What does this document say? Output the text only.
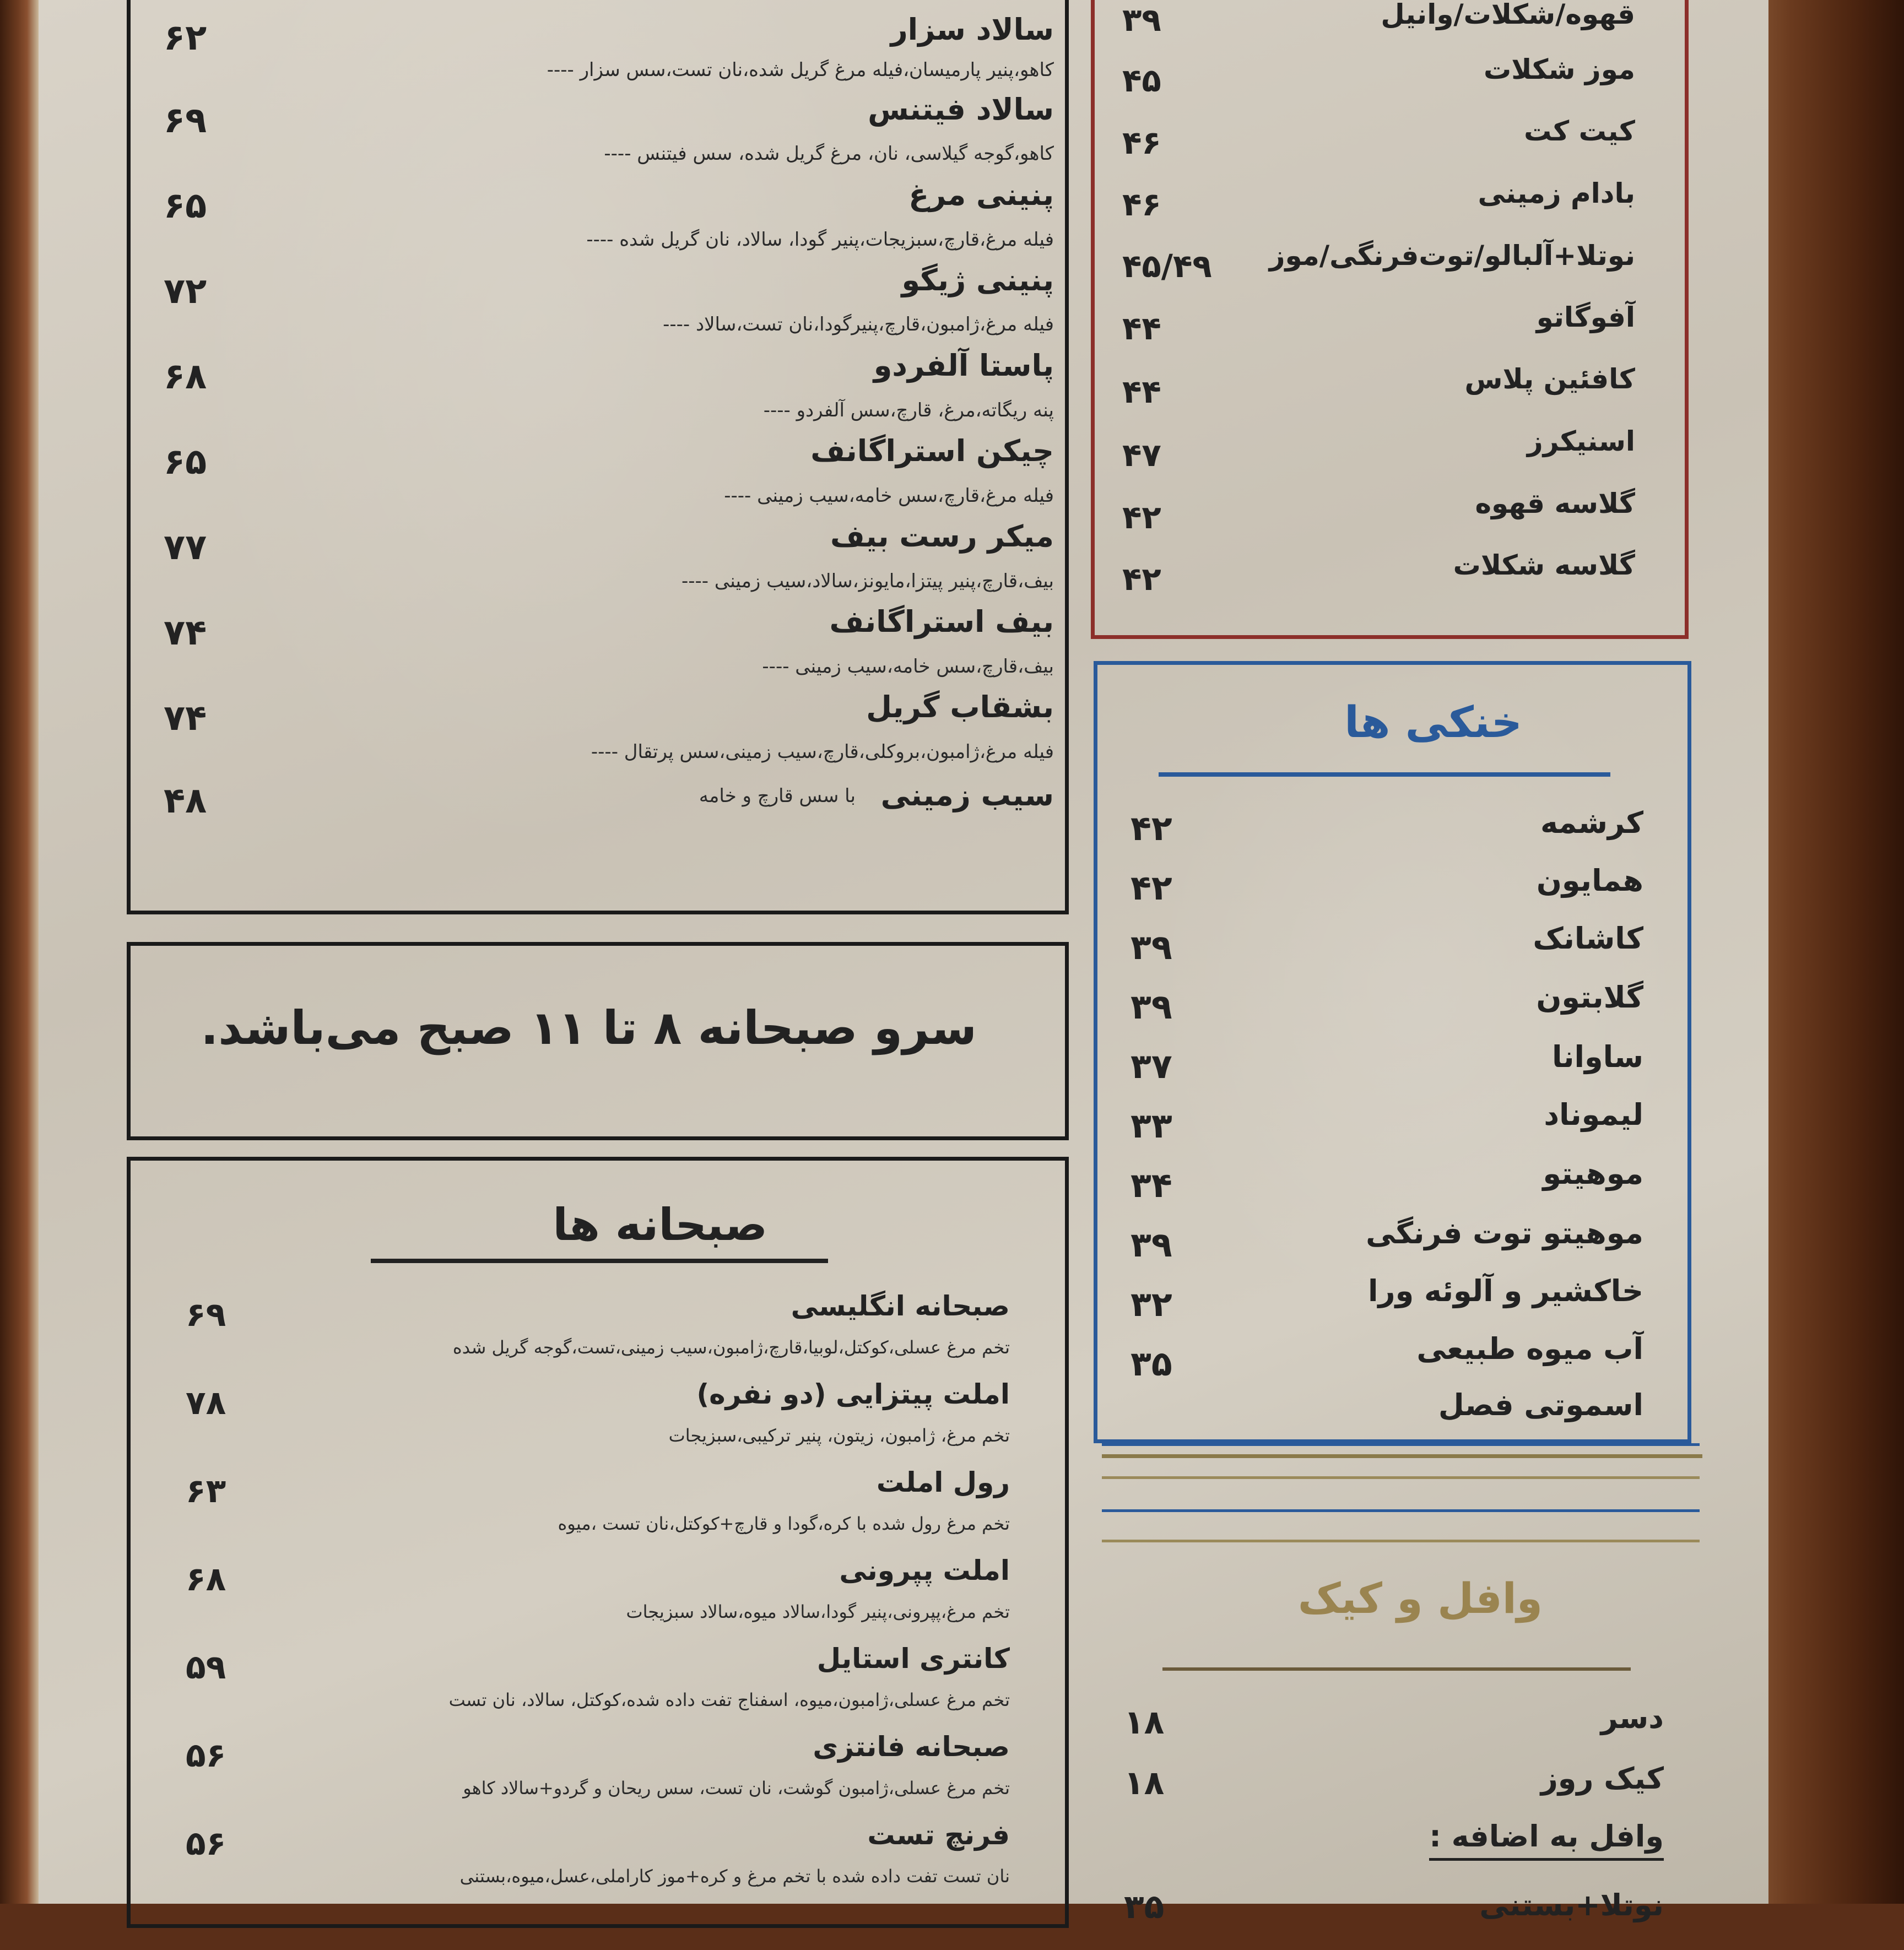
سالاد سزار
کاهو،پنیر پارمیسان،فیله مرغ گریل شده،نان تست،سس سزار ----
۶۲
سالاد فیتنس
کاهو،گوجه گیلاسی، نان، مرغ گریل شده، سس فیتنس ----
۶۹
پنینی مرغ
فیله مرغ،قارچ،سبزیجات،پنیر گودا، سالاد، نان گریل شده ----
۶۵
پنینی ژیگو
فیله مرغ،ژامبون،قارچ،پنیرگودا،نان تست،سالاد ----
۷۲
پاستا آلفردو
پنه ریگاته،مرغ، قارچ،سس آلفردو ----
۶۸
چیکن استراگانف
فیله مرغ،قارچ،سس خامه،سیب زمینی ----
۶۵
میکر رست بیف
بیف،قارچ،پنیر پیتزا،مایونز،سالاد،سیب زمینی ----
۷۷
بیف استراگانف
بیف،قارچ،سس خامه،سیب زمینی ----
۷۴
بشقاب گریل
فیله مرغ،ژامبون،بروکلی،قارچ،سیب زمینی،سس پرتقال ----
۷۴
سیب زمینی
با سس قارچ و خامه
۴۸
سرو صبحانه ۸ تا ۱۱ صبح می‌باشد.
صبحانه ها
صبحانه انگلیسی
تخم مرغ عسلی،کوکتل،لوبیا،قارچ،ژامبون،سیب زمینی،تست،گوجه گریل شده
۶۹
املت پیتزایی (دو نفره)
تخم مرغ، ژامبون، زیتون، پنیر ترکیبی،سبزیجات
۷۸
رول املت
تخم مرغ رول شده با کره،گودا و قارچ+کوکتل،نان تست ،میوه
۶۳
املت پپرونی
تخم مرغ،پپرونی،پنیر گودا،سالاد میوه،سالاد سبزیجات
۶۸
کانتری استایل
تخم مرغ عسلی،ژامبون،میوه، اسفناج تفت داده شده،کوکتل، سالاد، نان تست
۵۹
صبحانه فانتزی
تخم مرغ عسلی،ژامبون گوشت، نان تست، سس ریحان و گردو+سالاد کاهو
۵۶
فرنچ تست
نان تست تفت داده شده با تخم مرغ و کره+موز کاراملی،عسل،میوه،بستنی
۵۶
قهوه/شکلات/وانیل
۳۹
موز شکلات
۴۵
کیت کت
۴۶
بادام زمینی
۴۶
نوتلا+آلبالو/توت‌فرنگی/موز
۴۵/۴۹
آفوگاتو
۴۴
کافئین پلاس
۴۴
اسنیکرز
۴۷
گلاسه قهوه
۴۲
گلاسه شکلات
۴۲
خنکی ها
کرشمه
۴۲
همایون
۴۲
کاشانک
۳۹
گلابتون
۳۹
ساوانا
۳۷
لیموناد
۳۳
موهیتو
۳۴
موهیتو توت فرنگی
۳۹
خاکشیر و آلوئه ورا
۳۲
آب میوه طبیعی
۳۵
اسموتی فصل
وافل و کیک
دسر
۱۸
کیک روز
۱۸
وافل به اضافه :
نوتلا+بستنی
۳۵
